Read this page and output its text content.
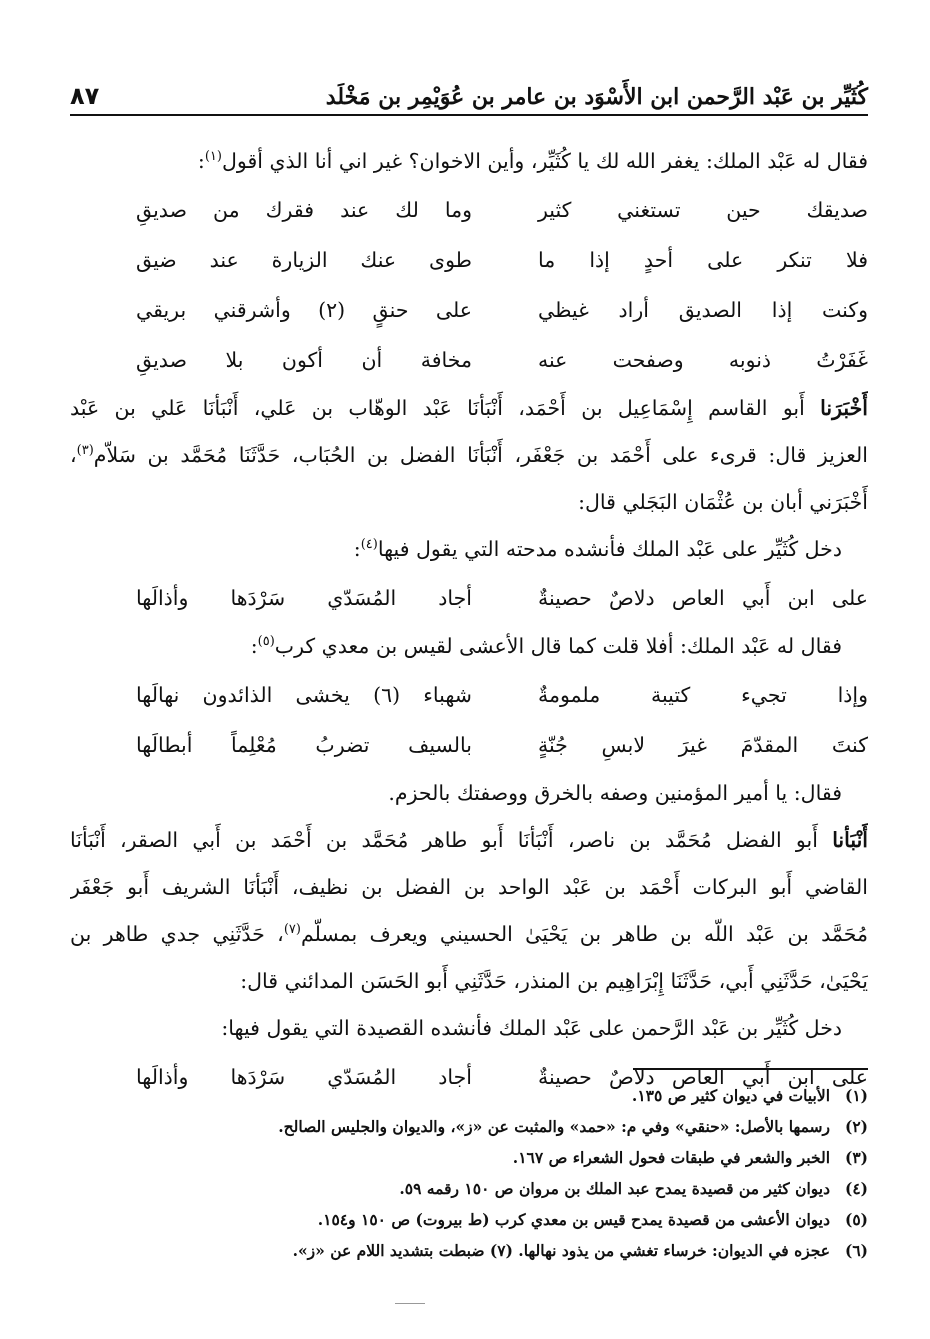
كُثَيِّر بن عَبْد الرَّحمن ابن الأَسْوَد بن عامر بن عُوَيْمِر بن مَخْلَد
٨٧
فقال له عَبْد الملك: يغفر الله لك يا كُثَيِّر، وأين الاخوان؟ غير اني أنا الذي أقول$^{(١)}$:
صديقك حين تستغني كثير
وما لك عند فقرك من صديقِ
فلا تنكر على أحدٍ إذا ما
طوى عنك الزيارة عند ضيق
وكنت إذا الصديق أراد غيظي
على حنقٍ (٢) وأشرقني بريقي
غَفَرْتُ ذنوبه وصفحت عنه
مخافة أن أكون بلا صديقِ
أَخْبَرَنا أَبو القاسم إِسْمَاعِيل بن أَحْمَد، أَنْبَأنَا عَبْد الوهّاب بن عَلي، أَنْبَأنَا عَلي بن عَبْد
العزيز قال: قرىء على أَحْمَد بن جَعْفَر، أَنْبَأنَا الفضل بن الحُبَاب، حَدَّثَنَا مُحَمَّد بن سَلاّم$^{(٣)}$،
أَخْبَرَني أبان بن عُثْمَان البَجَلي قال:
دخل كُثَيِّر على عَبْد الملك فأنشده مدحته التي يقول فيها$^{(٤)}$:
على ابن أَبي العاص دلاصٌ حصينةٌ
أجاد المُسَدّي سَرْدَها وأذالَها
فقال له عَبْد الملك: أفلا قلت كما قال الأعشى لقيس بن معدي كرب$^{(٥)}$:
وإذا تجيء كتيبة ملمومةٌ
شهباء (٦) يخشى الذائدون نهالَها
كنتَ المقدّمَ غيرَ لابسِ جُنّةٍ
بالسيف تضربُ مُعْلِماً أبطالَها
فقال: يا أمير المؤمنين وصفه بالخرق ووصفتك بالحزم.
أَنْبَأنا أَبو الفضل مُحَمَّد بن ناصر، أَنْبَأنَا أَبو طاهر مُحَمَّد بن أَحْمَد بن أَبي الصقر، أَنْبَأنَا
القاضي أَبو البركات أَحْمَد بن عَبْد الواحد بن الفضل بن نظيف، أَنْبَأنَا الشريف أَبو جَعْفَر
مُحَمَّد بن عَبْد اللّه بن طاهر بن يَحْيَىٰ الحسيني ويعرف بمسلّم$^{(٧)}$، حَدَّثَنِي جدي طاهر بن
يَحْيَىٰ، حَدَّثَنِي أَبي، حَدَّثَنَا إِبْرَاهِيم بن المنذر، حَدَّثَنِي أَبو الحَسَن المدائني قال:
دخل كُثَيِّر بن عَبْد الرَّحمن على عَبْد الملك فأنشده القصيدة التي يقول فيها:
على ابن أَبي العاص دلاصٌ حصينةٌ
أجاد المُسَدّي سَرْدَها وأذالَها
(١)الأبيات في ديوان كثير ص ١٣٥.
(٢)رسمها بالأصل: «حنقي» وفي م: «حمد» والمثبت عن «ز»، والديوان والجليس الصالح.
(٣)الخبر والشعر في طبقات فحول الشعراء ص ١٦٧.
(٤)ديوان كثير من قصيدة يمدح عبد الملك بن مروان ص ١٥٠ رقمه ٥٩.
(٥)ديوان الأعشى من قصيدة يمدح قيس بن معدي كرب (ط بيروت) ص ١٥٠ و١٥٤.
(٦)عجزه في الديوان: خرساء تغشي من يذود نهالها. (٧) ضبطت بتشديد اللام عن «ز».
